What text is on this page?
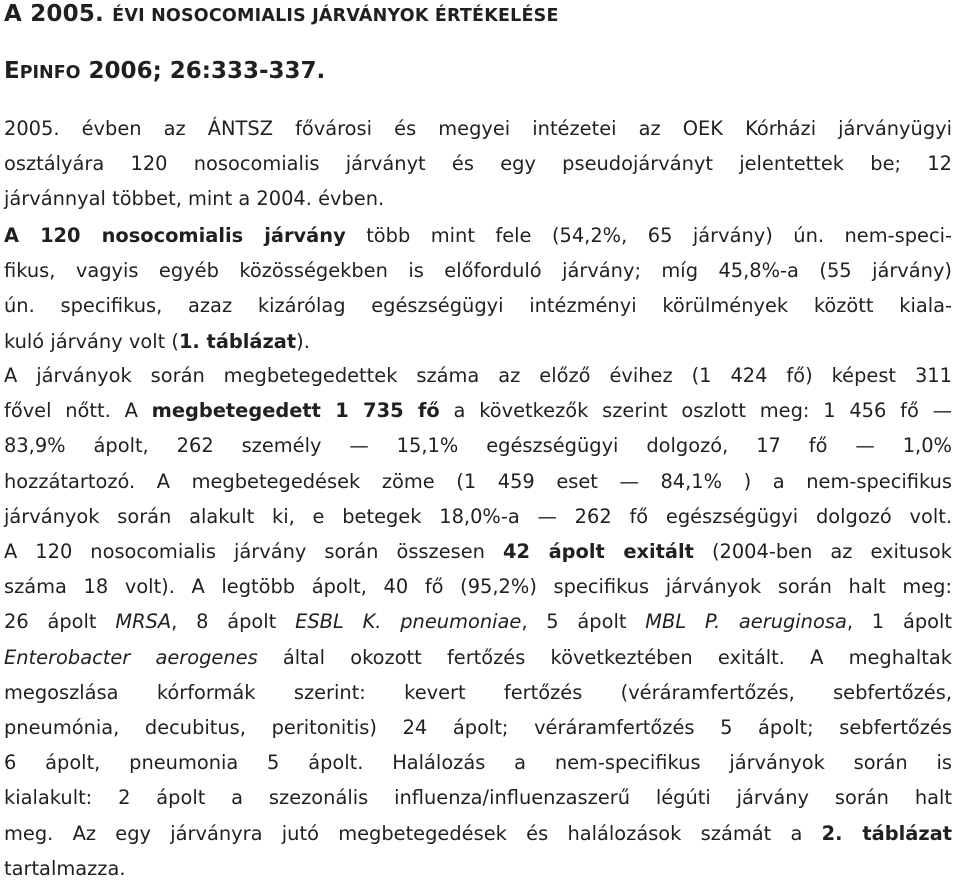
A 2005. ÉVI NOSOCOMIALIS JÁRVÁNYOK ÉRTÉKELÉSE
EPINFO 2006; 26:333-337.

2005. évben az ÁNTSZ fővárosi és megyei intézetei az OEK Kórházi járványügyi
osztályára 120 nosocomialis járványt és egy pseudojárványt jelentettek be; 12
járvánnyal többet, mint a 2004. évben.

A 120 nosocomialis járvány több mint fele (54,2%, 65 járvány) ún. nem-speci-
fikus, vagyis egyéb közösségekben is előforduló járvány; míg 45,8%-a (55 járvány)
ún. specifikus, azaz kizárólag egészségügyi intézményi körülmények között kiala-
kuló járvány volt (1. táblázat).

A járványok során megbetegedettek száma az előző évihez (1 424 fő) képest 311
fővel nőtt. A megbetegedett 1 735 fő a következők szerint oszlott meg: 1 456 fő —
83,9% ápolt, 262 személy — 15,1% egészségügyi dolgozó, 17 fő — 1,0%
hozzátartozó. A megbetegedések zöme (1 459 eset — 84,1% ) a nem-specifikus
járványok során alakult ki, e betegek 18,0%-a — 262 fő egészségügyi dolgozó volt.
A 120 nosocomialis járvány során összesen 42 ápolt exitált (2004-ben az exitusok
száma 18 volt). A legtöbb ápolt, 40 fő (95,2%) specifikus járványok során halt meg:
26 ápolt MRSA, 8 ápolt ESBL K. pneumoniae, 5 ápolt MBL P. aeruginosa, 1 ápolt
Enterobacter aerogenes által okozott fertőzés következtében exitált. A meghaltak
megoszlása kórformák szerint: kevert fertőzés (véráramfertőzés, sebfertőzés,
pneumónia, decubitus, peritonitis) 24 ápolt; véráramfertőzés 5 ápolt; sebfertőzés
6 ápolt, pneumonia 5 ápolt. Halálozás a nem-specifikus járványok során is
kialakult: 2 ápolt a szezonális influenza/influenzaszerű légúti járvány során halt
meg. Az egy járványra jutó megbetegedések és halálozások számát a 2. táblázat
tartalmazza.
